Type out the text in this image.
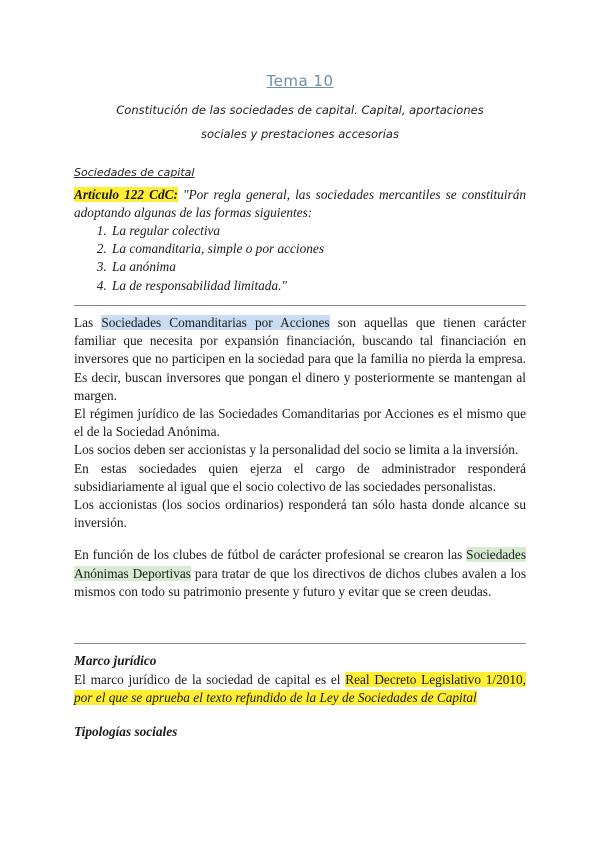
Tema 10
Constitución de las sociedades de capital. Capital, aportaciones sociales y prestaciones accesorias
Sociedades de capital
Artículo 122 CdC: "Por regla general, las sociedades mercantiles se constituirán adoptando algunas de las formas siguientes:
1. La regular colectiva
2. La comanditaria, simple o por acciones
3. La anónima
4. La de responsabilidad limitada."

Las Sociedades Comanditarias por Acciones son aquellas que tienen carácter familiar que necesita por expansión financiación, buscando tal financiación en inversores que no participen en la sociedad para que la familia no pierda la empresa. Es decir, buscan inversores que pongan el dinero y posteriormente se mantengan al margen.

El régimen jurídico de las Sociedades Comanditarias por Acciones es el mismo que el de la Sociedad Anónima.

Los socios deben ser accionistas y la personalidad del socio se limita a la inversión.

En estas sociedades quien ejerza el cargo de administrador responderá subsidiariamente al igual que el socio colectivo de las sociedades personalistas.

Los accionistas (los socios ordinarios) responderá tan sólo hasta donde alcance su inversión.

En función de los clubes de fútbol de carácter profesional se crearon las Sociedades Anónimas Deportivas para tratar de que los directivos de dichos clubes avalen a los mismos con todo su patrimonio presente y futuro y evitar que se creen deudas.

Marco jurídico
El marco jurídico de la sociedad de capital es el Real Decreto Legislativo 1/2010, por el que se aprueba el texto refundido de la Ley de Sociedades de Capital
Tipologías sociales
